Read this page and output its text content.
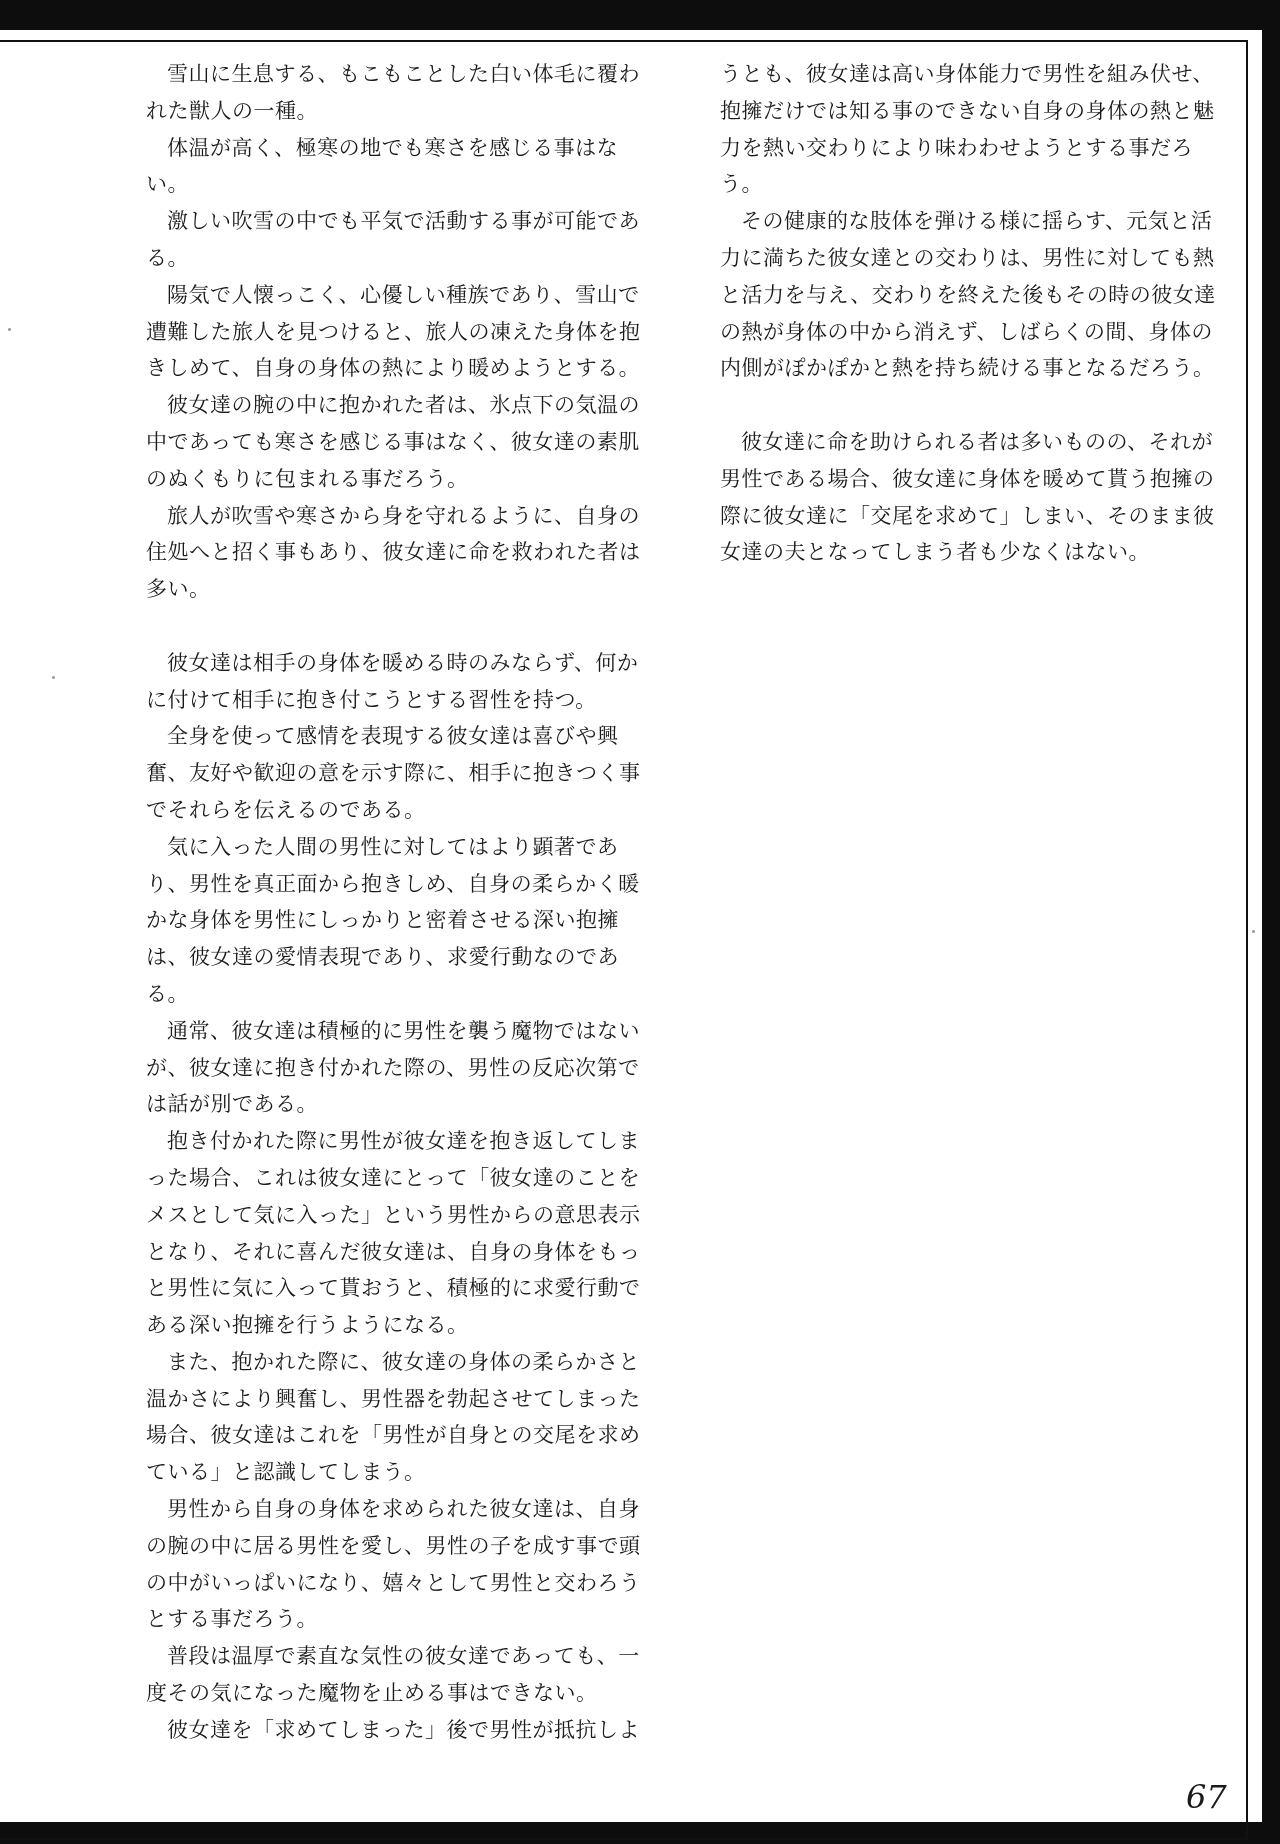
雪山に生息する、もこもことした白い体毛に覆われた獣人の一種。

体温が高く、極寒の地でも寒さを感じる事はない。

激しい吹雪の中でも平気で活動する事が可能である。

陽気で人懐っこく、心優しい種族であり、雪山で遭難した旅人を見つけると、旅人の凍えた身体を抱きしめて、自身の身体の熱により暖めようとする。

彼女達の腕の中に抱かれた者は、氷点下の気温の中であっても寒さを感じる事はなく、彼女達の素肌のぬくもりに包まれる事だろう。

旅人が吹雪や寒さから身を守れるように、自身の住処へと招く事もあり、彼女達に命を救われた者は多い。

彼女達は相手の身体を暖める時のみならず、何かに付けて相手に抱き付こうとする習性を持つ。

全身を使って感情を表現する彼女達は喜びや興奮、友好や歓迎の意を示す際に、相手に抱きつく事でそれらを伝えるのである。

気に入った人間の男性に対してはより顕著であり、男性を真正面から抱きしめ、自身の柔らかく暖かな身体を男性にしっかりと密着させる深い抱擁は、彼女達の愛情表現であり、求愛行動なのである。

通常、彼女達は積極的に男性を襲う魔物ではないが、彼女達に抱き付かれた際の、男性の反応次第では話が別である。

抱き付かれた際に男性が彼女達を抱き返してしまった場合、これは彼女達にとって「彼女達のことをメスとして気に入った」という男性からの意思表示となり、それに喜んだ彼女達は、自身の身体をもっと男性に気に入って貰おうと、積極的に求愛行動である深い抱擁を行うようになる。

また、抱かれた際に、彼女達の身体の柔らかさと温かさにより興奮し、男性器を勃起させてしまった場合、彼女達はこれを「男性が自身との交尾を求めている」と認識してしまう。

男性から自身の身体を求められた彼女達は、自身の腕の中に居る男性を愛し、男性の子を成す事で頭の中がいっぱいになり、嬉々として男性と交わろうとする事だろう。

普段は温厚で素直な気性の彼女達であっても、一度その気になった魔物を止める事はできない。

彼女達を「求めてしまった」後で男性が抵抗しよ

うとも、彼女達は高い身体能力で男性を組み伏せ、抱擁だけでは知る事のできない自身の身体の熱と魅力を熱い交わりにより味わわせようとする事だろう。

その健康的な肢体を弾ける様に揺らす、元気と活力に満ちた彼女達との交わりは、男性に対しても熱と活力を与え、交わりを終えた後もその時の彼女達の熱が身体の中から消えず、しばらくの間、身体の内側がぽかぽかと熱を持ち続ける事となるだろう。

彼女達に命を助けられる者は多いものの、それが男性である場合、彼女達に身体を暖めて貰う抱擁の際に彼女達に「交尾を求めて」しまい、そのまま彼女達の夫となってしまう者も少なくはない。

67
